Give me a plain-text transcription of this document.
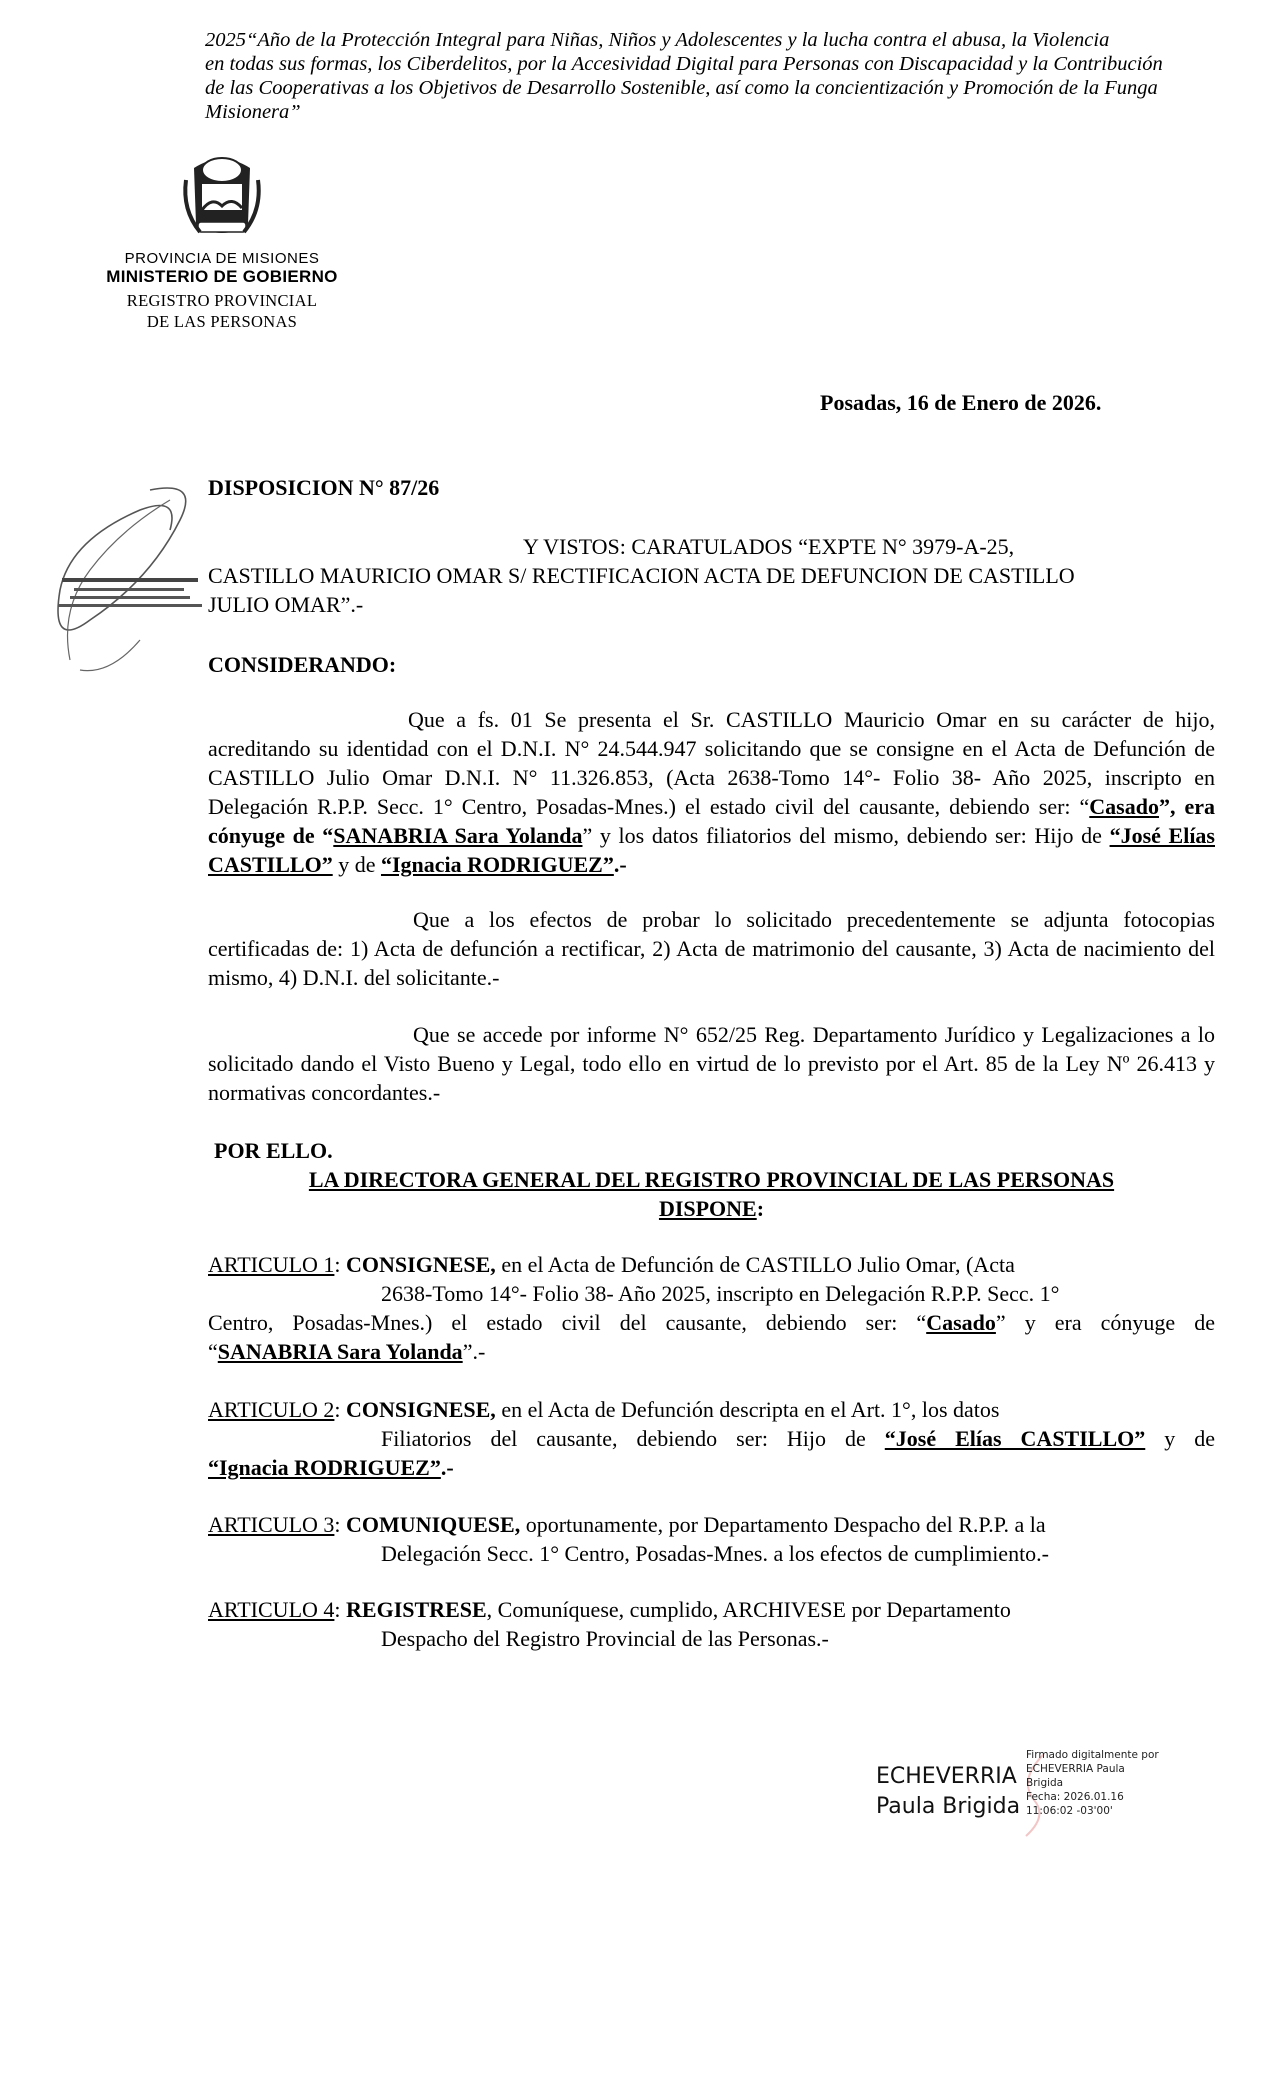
2025“Año de la Protección Integral para Niñas, Niños y Adolescentes y la lucha contra el abusa, la Violencia
en todas sus formas, los Ciberdelitos, por la Accesividad Digital para Personas con Discapacidad y la Contribución
de las Cooperativas a los Objetivos de Desarrollo Sostenible, así como la concientización y Promoción de la Funga
Misionera”
PROVINCIA DE MISIONES
MINISTERIO DE GOBIERNO
REGISTRO PROVINCIAL
DE LAS PERSONAS
Posadas, 16 de Enero de 2026.
DISPOSICION N° 87/26
Y VISTOS: CARATULADOS “EXPTE N° 3979-A-25,
CASTILLO MAURICIO OMAR S/ RECTIFICACION ACTA DE DEFUNCION DE CASTILLO
JULIO OMAR”.-
CONSIDERANDO:
Que a fs. 01 Se presenta el Sr. CASTILLO Mauricio Omar en su carácter de hijo, acreditando su identidad con el D.N.I. N° 24.544.947 solicitando que se consigne en el Acta de Defunción de CASTILLO Julio Omar D.N.I. N° 11.326.853, (Acta 2638-Tomo 14°- Folio 38- Año 2025, inscripto en Delegación R.P.P. Secc. 1° Centro, Posadas-Mnes.) el estado civil del causante, debiendo ser: “Casado”, era cónyuge de “SANABRIA Sara Yolanda” y los datos filiatorios del mismo, debiendo ser: Hijo de “José Elías CASTILLO” y de “Ignacia RODRIGUEZ”.-
Que a los efectos de probar lo solicitado precedentemente se adjunta fotocopias certificadas de: 1) Acta de defunción a rectificar, 2) Acta de matrimonio del causante, 3) Acta de nacimiento del mismo, 4) D.N.I. del solicitante.-
Que se accede por informe N° 652/25 Reg. Departamento Jurídico y Legalizaciones a lo solicitado dando el Visto Bueno y Legal, todo ello en virtud de lo previsto por el Art. 85 de la Ley Nº 26.413 y normativas concordantes.-
POR ELLO.
LA DIRECTORA GENERAL DEL REGISTRO PROVINCIAL DE LAS PERSONAS
DISPONE:
ARTICULO 1: CONSIGNESE, en el Acta de Defunción de CASTILLO Julio Omar, (Acta
2638-Tomo 14°- Folio 38- Año 2025, inscripto en Delegación R.P.P. Secc. 1°
Centro, Posadas-Mnes.) el estado civil del causante, debiendo ser: “Casado” y era cónyuge de
“SANABRIA Sara Yolanda”.-
ARTICULO 2: CONSIGNESE, en el Acta de Defunción descripta en el Art. 1°, los datos
Filiatorios del causante, debiendo ser: Hijo de “José Elías CASTILLO” y de
“Ignacia RODRIGUEZ”.-
ARTICULO 3: COMUNIQUESE, oportunamente, por Departamento Despacho del R.P.P. a la
Delegación Secc. 1° Centro, Posadas-Mnes. a los efectos de cumplimiento.-
ARTICULO 4: REGISTRESE, Comuníquese, cumplido, ARCHIVESE por Departamento
Despacho del Registro Provincial de las Personas.-
ECHEVERRIA
Paula Brigida
Firmado digitalmente por
ECHEVERRIA Paula
Brigida
Fecha: 2026.01.16
11:06:02 -03'00'
